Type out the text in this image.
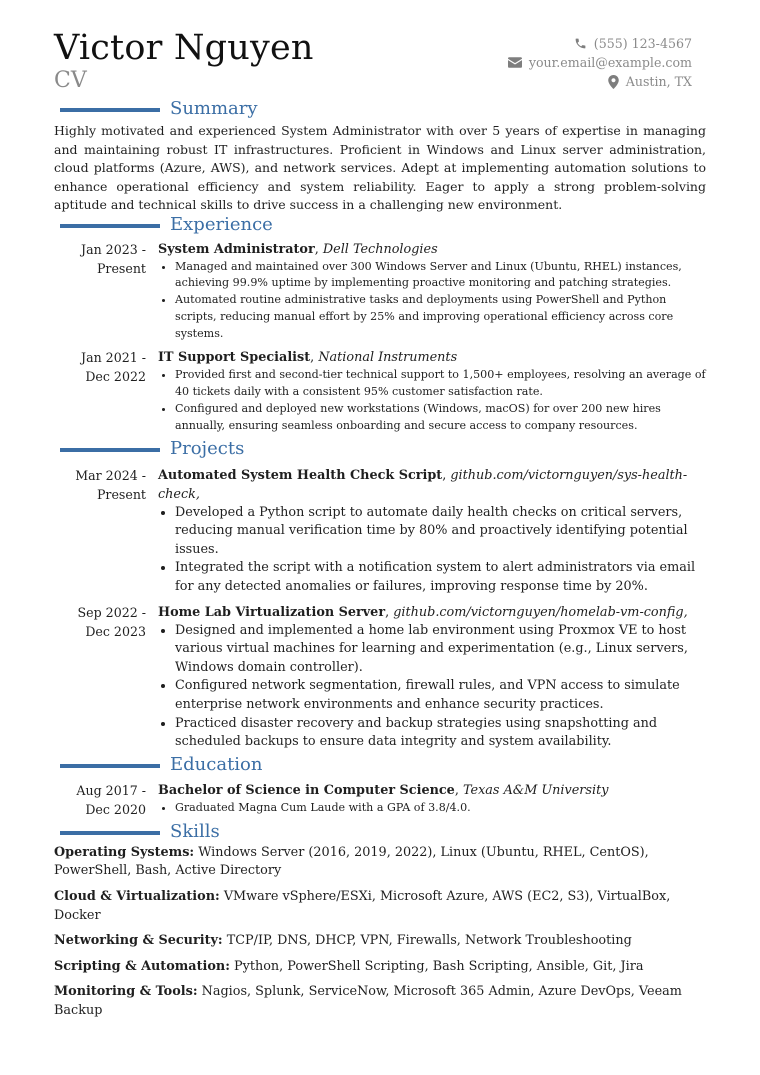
Victor Nguyen
CV
(555) 123-4567
your.email@example.com
Austin, TX
Summary

Highly motivated and experienced System Administrator with over 5 years of expertise in managing and maintaining robust IT infrastructures. Proficient in Windows and Linux server administration, cloud platforms (Azure, AWS), and network services. Adept at implementing automation solutions to enhance operational efficiency and system reliability. Eager to apply a strong problem-solving aptitude and technical skills to drive success in a challenging new environment.

Experience
Jan 2023 - Present
System Administrator, Dell Technologies
• Managed and maintained over 300 Windows Server and Linux (Ubuntu, RHEL) instances, achieving 99.9% uptime by implementing proactive monitoring and patching strategies.
• Automated routine administrative tasks and deployments using PowerShell and Python scripts, reducing manual effort by 25% and improving operational efficiency across core systems.
Jan 2021 - Dec 2022
IT Support Specialist, National Instruments
• Provided first and second-tier technical support to 1,500+ employees, resolving an average of 40 tickets daily with a consistent 95% customer satisfaction rate.
• Configured and deployed new workstations (Windows, macOS) for over 200 new hires annually, ensuring seamless onboarding and secure access to company resources.
Projects
Mar 2024 - Present
Automated System Health Check Script, github.com/victornguyen/sys-health-check,
• Developed a Python script to automate daily health checks on critical servers, reducing manual verification time by 80% and proactively identifying potential issues.
• Integrated the script with a notification system to alert administrators via email for any detected anomalies or failures, improving response time by 20%.
Sep 2022 - Dec 2023
Home Lab Virtualization Server, github.com/victornguyen/homelab-vm-config,
• Designed and implemented a home lab environment using Proxmox VE to host various virtual machines for learning and experimentation (e.g., Linux servers, Windows domain controller).
• Configured network segmentation, firewall rules, and VPN access to simulate enterprise network environments and enhance security practices.
• Practiced disaster recovery and backup strategies using snapshotting and scheduled backups to ensure data integrity and system availability.
Education
Aug 2017 - Dec 2020
Bachelor of Science in Computer Science, Texas A&M University
• Graduated Magna Cum Laude with a GPA of 3.8/4.0.
Skills

Operating Systems: Windows Server (2016, 2019, 2022), Linux (Ubuntu, RHEL, CentOS), PowerShell, Bash, Active Directory

Cloud & Virtualization: VMware vSphere/ESXi, Microsoft Azure, AWS (EC2, S3), VirtualBox, Docker

Networking & Security: TCP/IP, DNS, DHCP, VPN, Firewalls, Network Troubleshooting

Scripting & Automation: Python, PowerShell Scripting, Bash Scripting, Ansible, Git, Jira

Monitoring & Tools: Nagios, Splunk, ServiceNow, Microsoft 365 Admin, Azure DevOps, Veeam Backup
